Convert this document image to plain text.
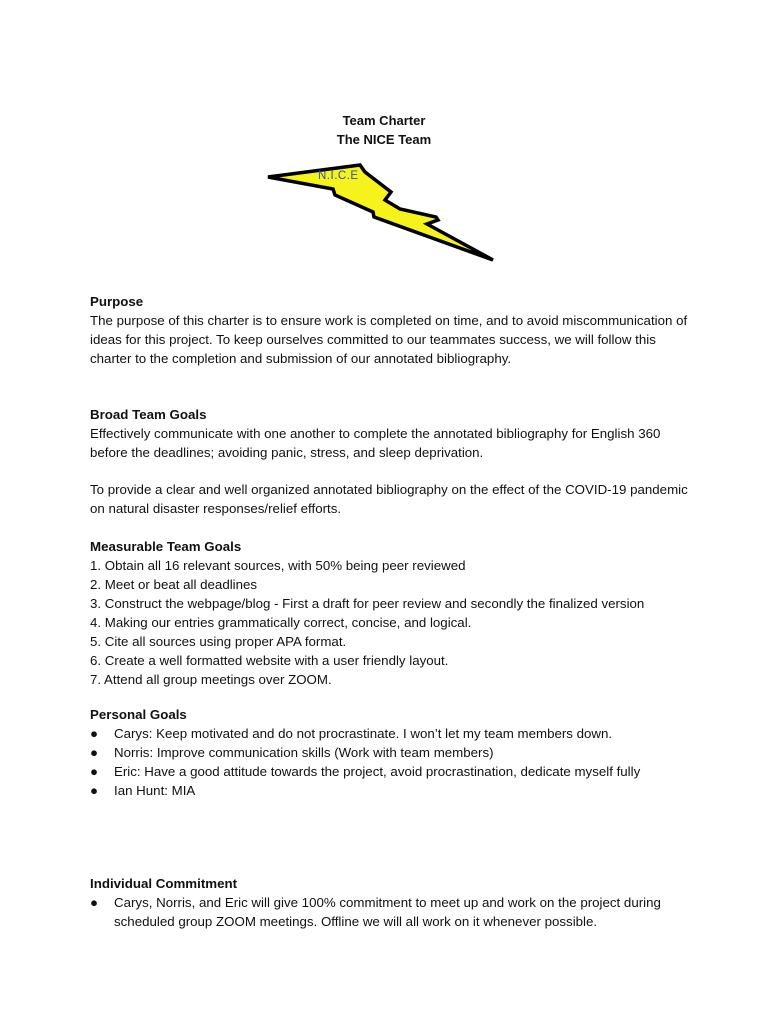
Team Charter
The NICE Team
N.I.C.E

Purpose

The purpose of this charter is to ensure work is completed on time, and to avoid miscommunication of ideas for this project. To keep ourselves committed to our teammates success, we will follow this charter to the completion and submission of our annotated bibliography.

Broad Team Goals

Effectively communicate with one another to complete the annotated bibliography for English 360 before the deadlines; avoiding panic, stress, and sleep deprivation.

To provide a clear and well organized annotated bibliography on the effect of the COVID-19 pandemic on natural disaster responses/relief efforts.

Measurable Team Goals

1. Obtain all 16 relevant sources, with 50% being peer reviewed
2. Meet or beat all deadlines
3. Construct the webpage/blog - First a draft for peer review and secondly the finalized version
4. Making our entries grammatically correct, concise, and logical.
5. Cite all sources using proper APA format.
6. Create a well formatted website with a user friendly layout.
7. Attend all group meetings over ZOOM.

Personal Goals

● Carys: Keep motivated and do not procrastinate. I won’t let my team members down.
● Norris: Improve communication skills (Work with team members)
● Eric: Have a good attitude towards the project, avoid procrastination, dedicate myself fully
● Ian Hunt: MIA

Individual Commitment

● Carys, Norris, and Eric will give 100% commitment to meet up and work on the project during scheduled group ZOOM meetings. Offline we will all work on it whenever possible.
